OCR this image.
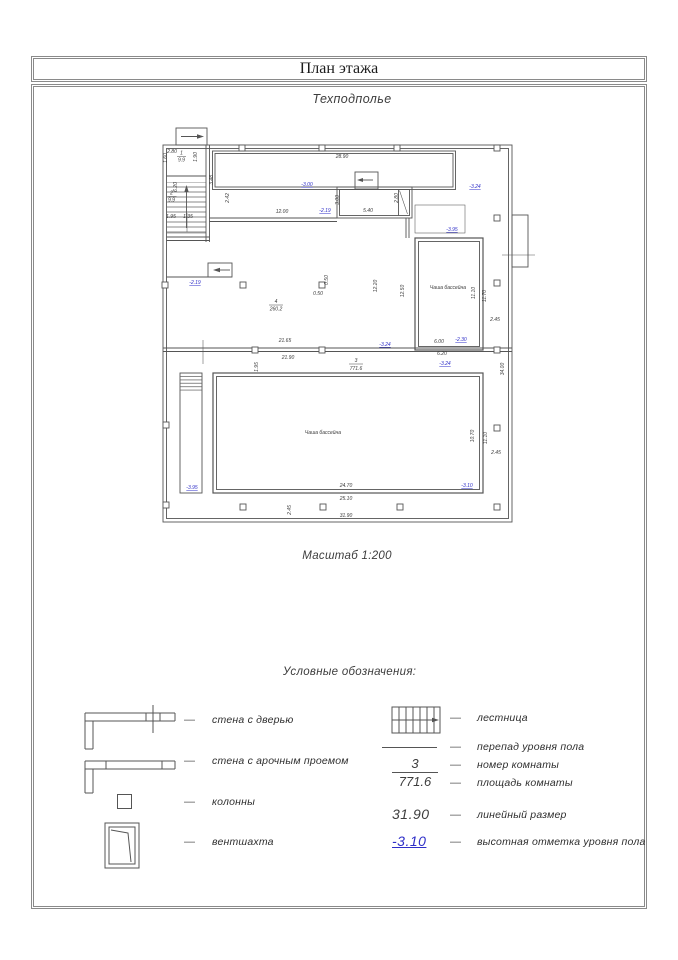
План этажа
Техподполье
2.80 1
9.9 1.90
1.60
3.48
6.20
2
9.9
1.95 1.35
2.42
28.90
-3.00
12.00	-2.19
3.00
5.40
2.80
-3.24
-3.95
Чаша бассейна 11.10 11.70
2.45
6.00 -2.30
6.20
-3.24
-2.19	0.50
0.50
4
260.2
12.20	12.50
21.65
-3.24
21.90
1.95
3
771.6	34.00
Чаша бассейна	10.70 11.10
2.45
-3.95	24.70	-3.10
25.10
2.45
31.90
Масштаб 1:200
Условные обозначения:
— стена с дверью
— стена с арочным проемом
— колонны
— вентшахта
— лестница
— перепад уровня пола
$\frac{3}{771.6}$ — номер комнаты
— площадь комнаты
31.90 — линейный размер
-3.10 — высотная отметка уровня пола
